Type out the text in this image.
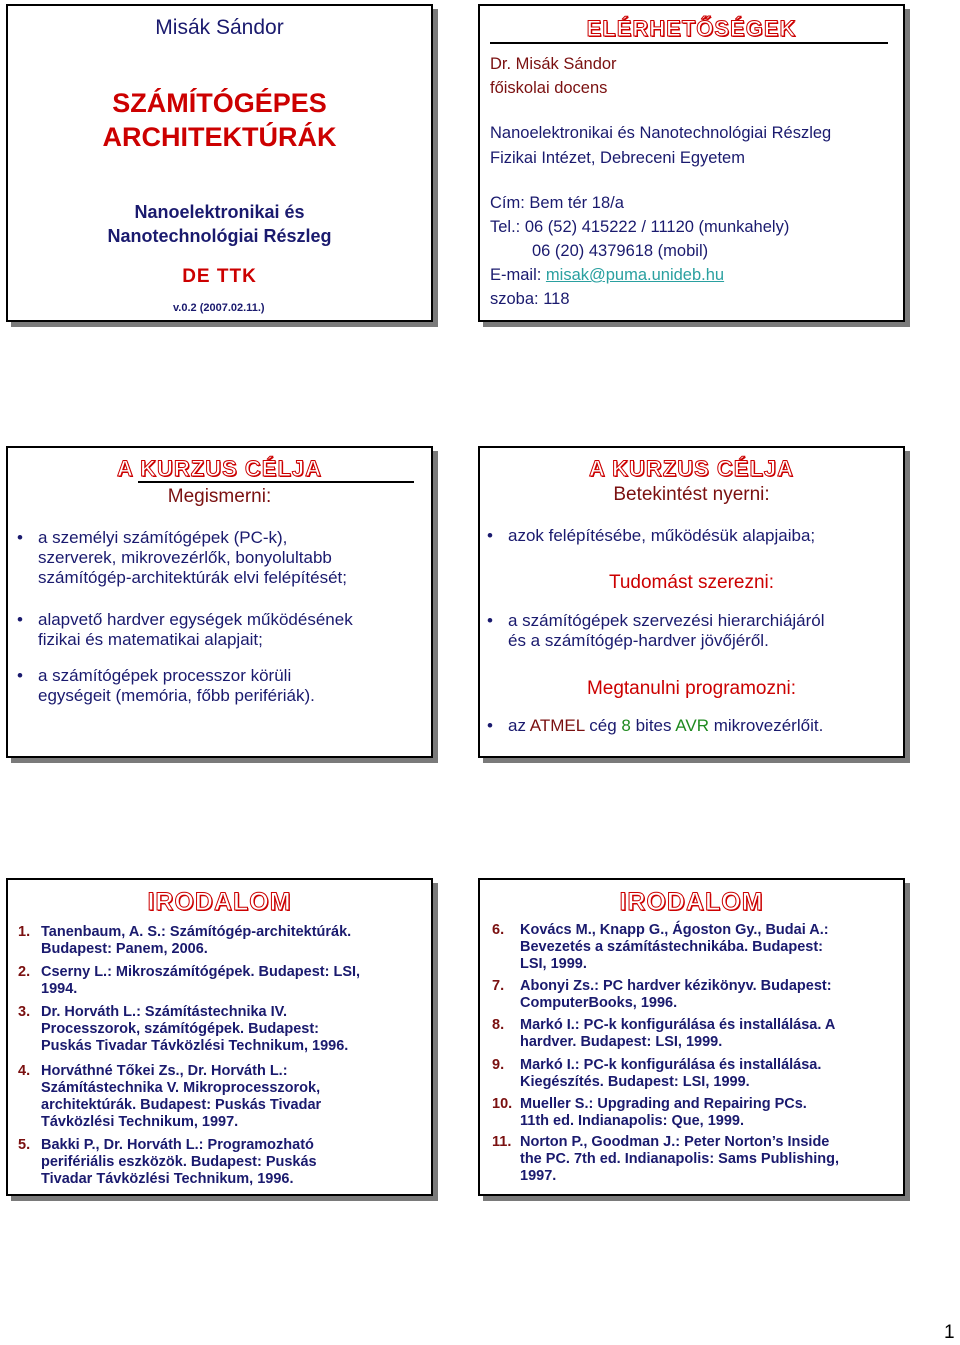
Misák Sándor
SZÁMÍTÓGÉPES
ARCHITEKTÚRÁK
Nanoelektronikai és
Nanotechnológiai Részleg
DE TTK
v.0.2 (2007.02.11.)
ELÉRHETŐSÉGEK
Dr. Misák Sándor
főiskolai docens
Nanoelektronikai és Nanotechnológiai Részleg
Fizikai Intézet, Debreceni Egyetem
Cím: Bem tér 18/a
Tel.: 06 (52) 415222 / 11120 (munkahely)
06 (20) 4379618 (mobil)
E-mail: misak@puma.unideb.hu
szoba: 118
A KURZUS CÉLJA
Megismerni:
• a személyi számítógépek (PC-k),
szerverek, mikrovezérlők, bonyolultabb
számítógép-architektúrák elvi felépítését;
• alapvető hardver egységek működésének
fizikai és matematikai alapjait;
• a számítógépek processzor körüli
egységeit (memória, főbb perifériák).
A KURZUS CÉLJA
Betekintést nyerni:
• azok felépítésébe, működésük alapjaiba;
Tudomást szerezni:
• a számítógépek szervezési hierarchiájáról
és a számítógép-hardver jövőjéről.
Megtanulni programozni:
• az ATMEL cég 8 bites AVR mikrovezérlőit.
IRODALOM
1. Tanenbaum, A. S.: Számítógép-architektúrák.
Budapest: Panem, 2006.
2. Cserny L.: Mikroszámítógépek. Budapest: LSI,
1994.
3. Dr. Horváth L.: Számítástechnika IV.
Processzorok, számítógépek. Budapest:
Puskás Tivadar Távközlési Technikum, 1996.
4. Horváthné Tőkei Zs., Dr. Horváth L.:
Számítástechnika V. Mikroprocesszorok,
architektúrák. Budapest: Puskás Tivadar
Távközlési Technikum, 1997.
5. Bakki P., Dr. Horváth L.: Programozható
perifériális eszközök. Budapest: Puskás
Tivadar Távközlési Technikum, 1996.
IRODALOM
6. Kovács M., Knapp G., Ágoston Gy., Budai A.:
Bevezetés a számítástechnikába. Budapest:
LSI, 1999.
7. Abonyi Zs.: PC hardver kézikönyv. Budapest:
ComputerBooks, 1996.
8. Markó I.: PC-k konfigurálása és installálása. A
hardver. Budapest: LSI, 1999.
9. Markó I.: PC-k konfigurálása és installálása.
Kiegészítés. Budapest: LSI, 1999.
10. Mueller S.: Upgrading and Repairing PCs.
11th ed. Indianapolis: Que, 1999.
11. Norton P., Goodman J.: Peter Norton’s Inside
the PC. 7th ed. Indianapolis: Sams Publishing,
1997.
1
